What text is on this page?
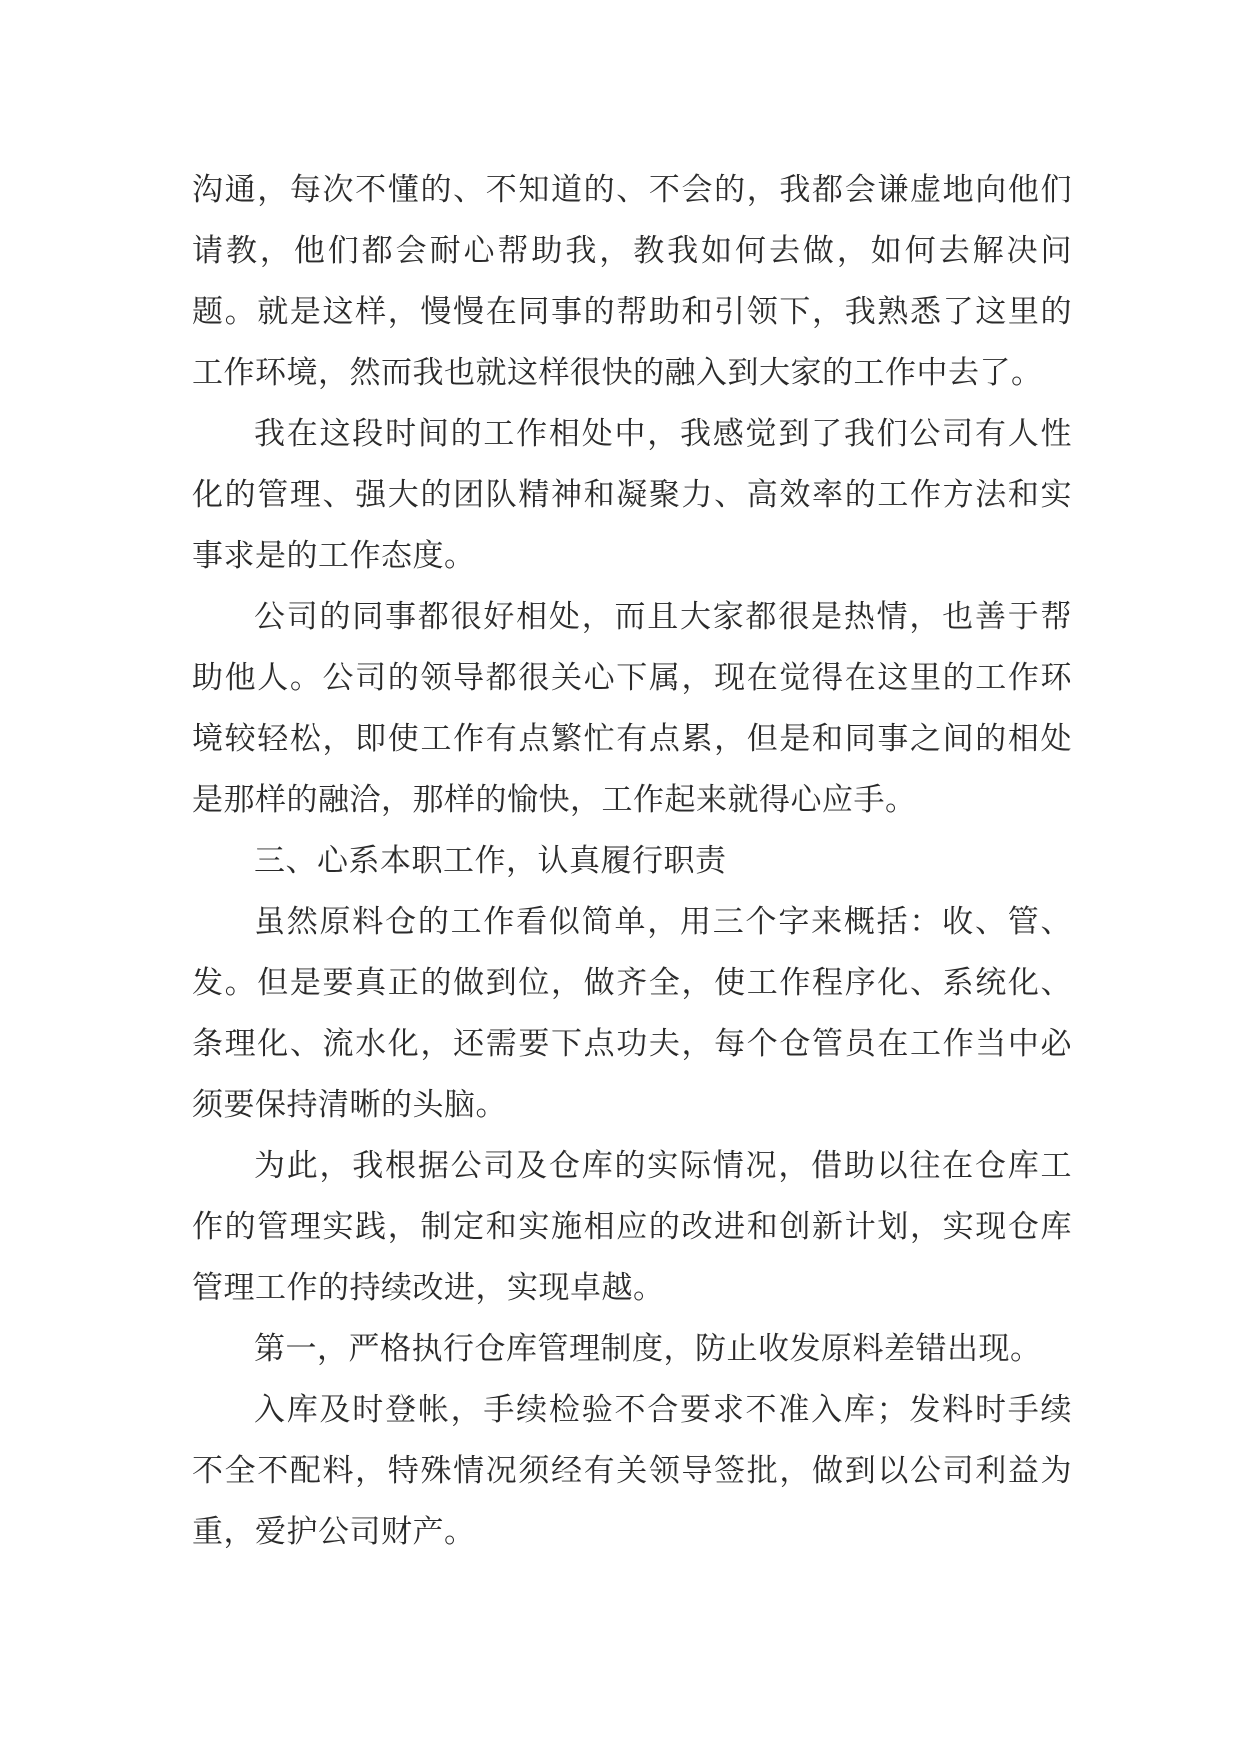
沟通，每次不懂的、不知道的、不会的，我都会谦虚地向他们请教，他们都会耐心帮助我，教我如何去做，如何去解决问题。就是这样，慢慢在同事的帮助和引领下，我熟悉了这里的工作环境，然而我也就这样很快的融入到大家的工作中去了。

我在这段时间的工作相处中，我感觉到了我们公司有人性化的管理、强大的团队精神和凝聚力、高效率的工作方法和实事求是的工作态度。

公司的同事都很好相处，而且大家都很是热情，也善于帮助他人。公司的领导都很关心下属，现在觉得在这里的工作环境较轻松，即使工作有点繁忙有点累，但是和同事之间的相处是那样的融洽，那样的愉快，工作起来就得心应手。

三、心系本职工作，认真履行职责

虽然原料仓的工作看似简单，用三个字来概括：收、管、发。但是要真正的做到位，做齐全，使工作程序化、系统化、条理化、流水化，还需要下点功夫，每个仓管员在工作当中必须要保持清晰的头脑。

为此，我根据公司及仓库的实际情况，借助以往在仓库工作的管理实践，制定和实施相应的改进和创新计划，实现仓库管理工作的持续改进，实现卓越。

第一，严格执行仓库管理制度，防止收发原料差错出现。

入库及时登帐，手续检验不合要求不准入库；发料时手续不全不配料，特殊情况须经有关领导签批，做到以公司利益为重，爱护公司财产。
